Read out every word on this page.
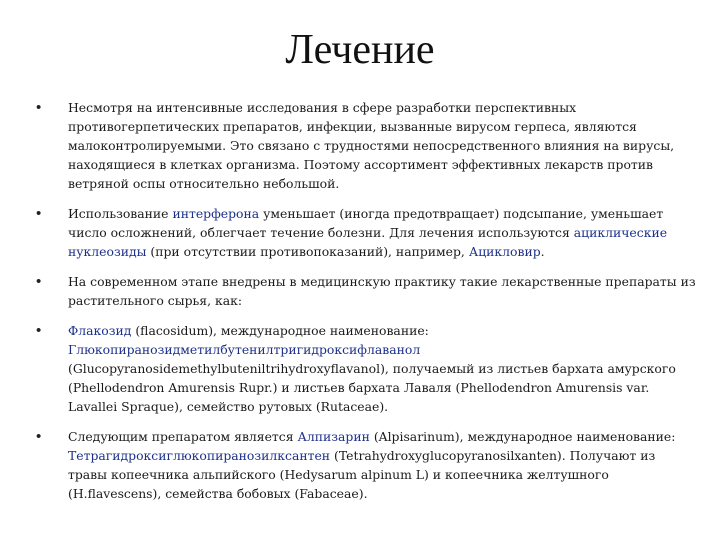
Лечение
• Несмотря на интенсивные исследования в сфере разработки перспективных противогерпетических препаратов, инфекции, вызванные вирусом герпеса, являются малоконтролируемыми. Это связано с трудностями непосредственного влияния на вирусы, находящиеся в клетках организма. Поэтому ассортимент эффективных лекарств против ветряной оспы относительно небольшой.
• Использование интерферона уменьшает (иногда предотвращает) подсыпание, уменьшает число осложнений, облегчает течение болезни. Для лечения используются ациклические нуклеозиды (при отсутствии противопоказаний), например, Ацикловир.
• На современном этапе внедрены в медицинскую практику такие лекарственные препараты из растительного сырья, как:
• Флакозид (flacosidum), международное наименование: Глюкопиранозидметилбутенилтригидроксифлаванол (Glucopyranosidemethylbuteniltrihydroxyflavanol), получаемый из листьев бархата амурского (Phellodendron Amurensis Rupr.) и листьев бархата Лаваля (Phellodendron Amurensis var. Lavallei Spraque), семейство рутовых (Rutaceae).
• Следующим препаратом является Алпизарин (Alpisarinum), международное наименование: Тетрагидроксиглюкопиранозилксантен (Tetrahydroxyglucopyranosilxanten). Получают из травы копеечника альпийского (Hedysarum alpinum L) и копеечника желтушного (H.flavescens), семейства бобовых (Fabaceae).
